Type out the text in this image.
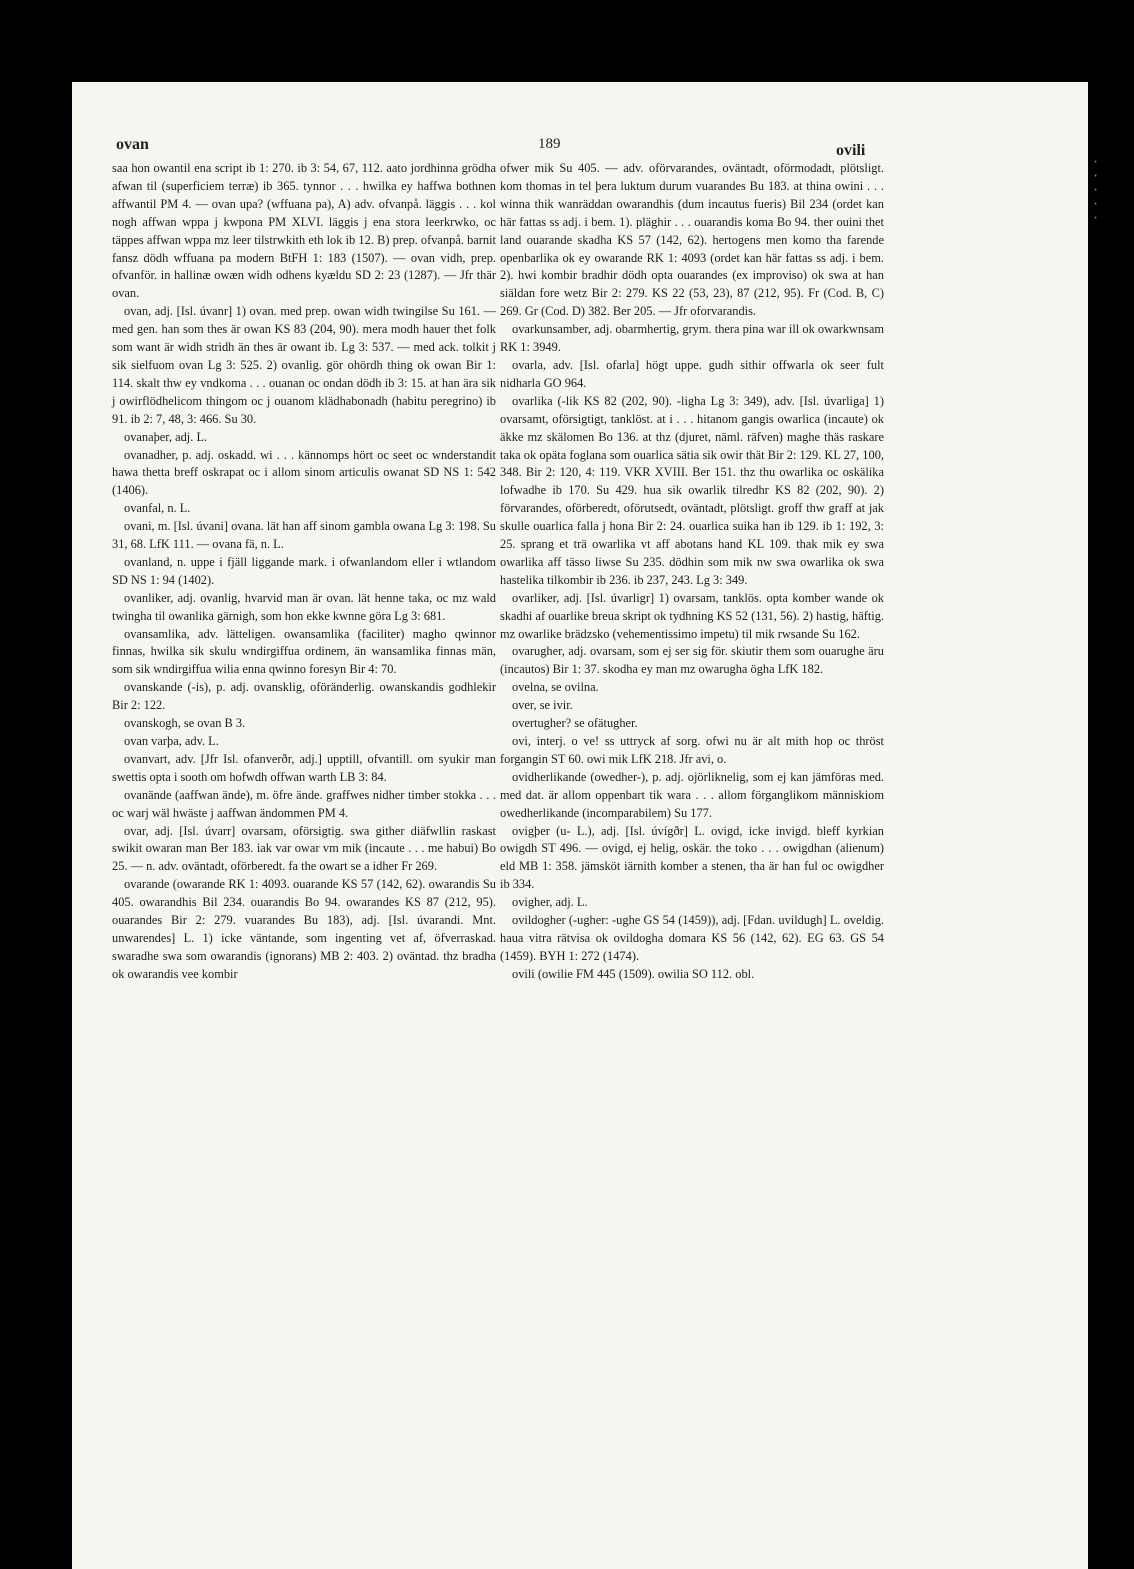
ovan	189	ovili

saa hon owantil ena script ib 1: 270. ib 3: 54, 67, 112. aato jordhinna grödha afwan til (superficiem terræ) ib 365. tynnor . . . hwilka ey haffwa bothnen affwantil PM 4. — ovan upa? (wffuana pa), A) adv. ofvanpå. läggis . . . kol nogh affwan wppa j kwpona PM XLVI. läggis j ena stora leerkrwko, oc täppes affwan wppa mz leer tilstrwkith eth lok ib 12. B) prep. ofvanpå. barnit fansz dödh wffuana pa modern BtFH 1: 183 (1507). — ovan vidh, prep. ofvanför. in hallinæ owæn widh odhens kyældu SD 2: 23 (1287). — Jfr thär ovan.

ovan, adj. [Isl. úvanr] 1) ovan. med prep. owan widh twingilse Su 161. — med gen. han som thes är owan KS 83 (204, 90). mera modh hauer thet folk som want är widh stridh än thes är owant ib. Lg 3: 537. — med ack. tolkit j sik sielfuom ovan Lg 3: 525. 2) ovanlig. gör ohördh thing ok owan Bir 1: 114. skalt thw ey vndkoma . . . ouanan oc ondan dödh ib 3: 15. at han ära sik j owirflödhelicom thingom oc j ouanom klädhabonadh (habitu peregrino) ib 91. ib 2: 7, 48, 3: 466. Su 30.

ovanaþer, adj. L.

ovanadher, p. adj. oskadd. wi . . . kännomps hört oc seet oc wnderstandit hawa thetta breff oskrapat oc i allom sinom articulis owanat SD NS 1: 542 (1406).

ovanfal, n. L.

ovani, m. [Isl. úvani] ovana. lät han aff sinom gambla owana Lg 3: 198. Su 31, 68. LfK 111. — ovana fä, n. L.

ovanland, n. uppe i fjäll liggande mark. i ofwanlandom eller i wtlandom SD NS 1: 94 (1402).

ovanliker, adj. ovanlig, hvarvid man är ovan. lät henne taka, oc mz wald twingha til owanlika gärnigh, som hon ekke kwnne göra Lg 3: 681.

ovansamlika, adv. lätteligen. owansamlika (faciliter) magho qwinnor finnas, hwilka sik skulu wndirgiffua ordinem, än wansamlika finnas män, som sik wndirgiffua wilia enna qwinno foresyn Bir 4: 70.

ovanskande (-is), p. adj. ovansklig, oföränderlig. owanskandis godhlekir Bir 2: 122.

ovanskogh, se ovan B 3.

ovan varþa, adv. L.

ovanvart, adv. [Jfr Isl. ofanverðr, adj.] upptill, ofvantill. om syukir man swettis opta i sooth om hofwdh offwan warth LB 3: 84.

ovanände (aaffwan ände), m. öfre ände. graffwes nidher timber stokka . . . oc warj wäl hwäste j aaffwan ändommen PM 4.

ovar, adj. [Isl. úvarr] ovarsam, oförsigtig. swa gither diäfwllin raskast swikit owaran man Ber 183. iak var owar vm mik (incaute . . . me habui) Bo 25. — n. adv. oväntadt, oförberedt. fa the owart se a idher Fr 269.

ovarande (owarande RK 1: 4093. ouarande KS 57 (142, 62). owarandis Su 405. owarandhis Bil 234. ouarandis Bo 94. owarandes KS 87 (212, 95). ouarandes Bir 2: 279. vuarandes Bu 183), adj. [Isl. úvarandi. Mnt. unwarendes] L. 1) icke väntande, som ingenting vet af, öfverraskad. swaradhe swa som owarandis (ignorans) MB 2: 403. 2) oväntad. thz bradha ok owarandis vee kombir

ofwer mik Su 405. — adv. oförvarandes, oväntadt, oförmodadt, plötsligt. kom thomas in tel þera luktum durum vuarandes Bu 183. at thina owini . . . winna thik wanräddan owarandhis (dum incautus fueris) Bil 234 (ordet kan här fattas ss adj. i bem. 1). pläghir . . . ouarandis koma Bo 94. ther ouini thet land ouarande skadha KS 57 (142, 62). hertogens men komo tha farende openbarlika ok ey owarande RK 1: 4093 (ordet kan här fattas ss adj. i bem. 2). hwi kombir bradhir dödh opta ouarandes (ex improviso) ok swa at han siäldan fore wetz Bir 2: 279. KS 22 (53, 23), 87 (212, 95). Fr (Cod. B, C) 269. Gr (Cod. D) 382. Ber 205. — Jfr oforvarandis.

ovarkunsamber, adj. obarmhertig, grym. thera pina war ill ok owarkwnsam RK 1: 3949.

ovarla, adv. [Isl. ofarla] högt uppe. gudh sithir offwarla ok seer fult nidharla GO 964.

ovarlika (-lik KS 82 (202, 90). -ligha Lg 3: 349), adv. [Isl. úvarliga] 1) ovarsamt, oförsigtigt, tanklöst. at i . . . hitanom gangis owarlica (incaute) ok äkke mz skälomen Bo 136. at thz (djuret, näml. räfven) maghe thäs raskare taka ok opäta foglana som ouarlica sätia sik owir thät Bir 2: 129. KL 27, 100, 348. Bir 2: 120, 4: 119. VKR XVIII. Ber 151. thz thu owarlika oc oskälika lofwadhe ib 170. Su 429. hua sik owarlik tilredhr KS 82 (202, 90). 2) förvarandes, oförberedt, oförutsedt, oväntadt, plötsligt. groff thw graff at jak skulle ouarlica falla j hona Bir 2: 24. ouarlica suika han ib 129. ib 1: 192, 3: 25. sprang et trä owarlika vt aff abotans hand KL 109. thak mik ey swa owarlika aff tässo liwse Su 235. dödhin som mik nw swa owarlika ok swa hastelika tilkombir ib 236. ib 237, 243. Lg 3: 349.

ovarliker, adj. [Isl. úvarligr] 1) ovarsam, tanklös. opta komber wande ok skadhi af ouarlike breua skript ok tydhning KS 52 (131, 56). 2) hastig, häftig. mz owarlike brädzsko (vehementissimo impetu) til mik rwsande Su 162.

ovarugher, adj. ovarsam, som ej ser sig för. skiutir them som ouarughe äru (incautos) Bir 1: 37. skodha ey man mz owarugha ögha LfK 182.

ovelna, se ovilna.

over, se ivir.

overtugher? se ofätugher.

ovi, interj. o ve! ss uttryck af sorg. ofwi nu är alt mith hop oc thröst forgangin ST 60. owi mik LfK 218. Jfr avi, o.

ovidherlikande (owedher-), p. adj. ojörliknelig, som ej kan jämföras med. med dat. är allom oppenbart tik wara . . . allom förganglikom människiom owedherlikande (incomparabilem) Su 177.

ovigþer (u- L.), adj. [Isl. úvígðr] L. ovigd, icke invigd. bleff kyrkian owigdh ST 496. — ovigd, ej helig, oskär. the toko . . . owigdhan (alienum) eld MB 1: 358. jämsköt iärnith komber a stenen, tha är han ful oc owigdher ib 334.

ovigher, adj. L.

ovildogher (-ugher: -ughe GS 54 (1459)), adj. [Fdan. uvildugh] L. oveldig. haua vitra rätvisa ok ovildogha domara KS 56 (142, 62). EG 63. GS 54 (1459). BYH 1: 272 (1474).

ovili (owilie FM 445 (1509). owilia SO 112. obl.

· · · · ·
